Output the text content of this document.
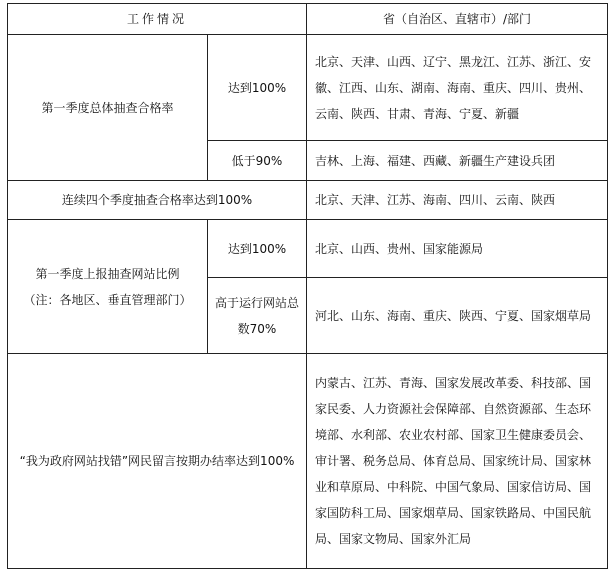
工作情况		省（自治区、直辖市）/部门
第一季度总体抽查合格率	达到100%	北京、天津、山西、辽宁、黑龙江、江苏、浙江、安徽、江西、山东、湖南、海南、重庆、四川、贵州、云南、陕西、甘肃、青海、宁夏、新疆
	低于90%	吉林、上海、福建、西藏、新疆生产建设兵团
连续四个季度抽查合格率达到100%		北京、天津、江苏、海南、四川、云南、陕西

第一季度上报抽查网站比例
（注：各地区、垂直管理部门）	达到100%	北京、山西、贵州、国家能源局
	高于运行网站总数70%	河北、山东、海南、重庆、陕西、宁夏、国家烟草局
“我为政府网站找错”网民留言按期办结率达到100%		内蒙古、江苏、青海、国家发展改革委、科技部、国家民委、人力资源社会保障部、自然资源部、生态环境部、水利部、农业农村部、国家卫生健康委员会、审计署、税务总局、体育总局、国家统计局、国家林业和草原局、中科院、中国气象局、国家信访局、国家国防科工局、国家烟草局、国家铁路局、中国民航局、国家文物局、国家外汇局
